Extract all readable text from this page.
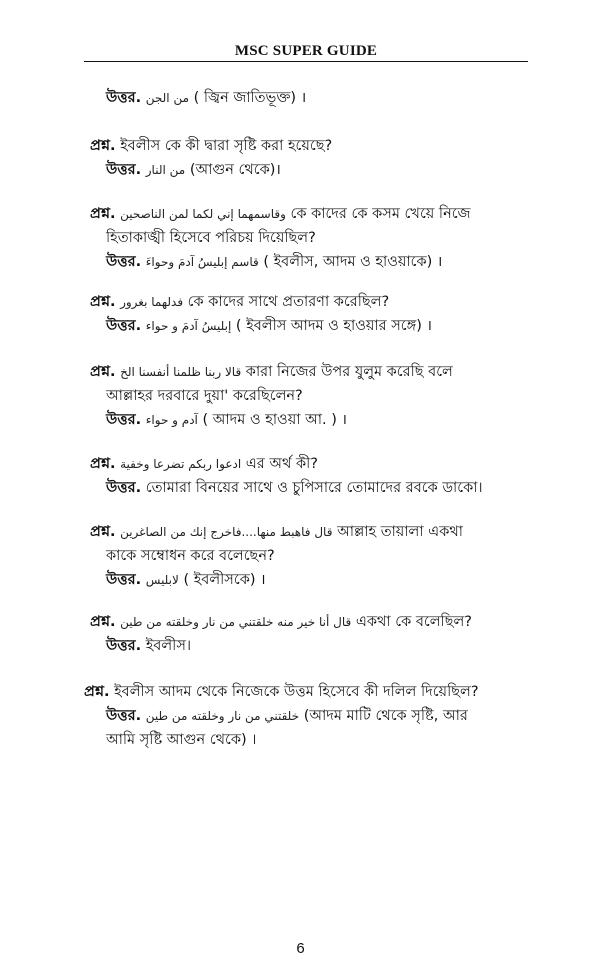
MSC SUPER GUIDE
উত্তর. من الجن ( জ্বিন জাতিভূক্ত) ।
প্রশ্ন. ইবলীস কে কী দ্বারা সৃষ্টি করা হয়েছে?
উত্তর. من النار (আগুন থেকে)।
প্রশ্ন. وقاسمهما إني لكما لمن الناصحين কে কাদের কে কসম খেয়ে নিজে
হিতাকাঙ্খী হিসেবে পরিচয় দিয়েছিল?
উত্তর. قاسم إبليسُ آدمَ وحواءَ ( ইবলীস, আদম ও হাওয়াকে) ।
প্রশ্ন. فدلهما بغرور কে কাদের সাথে প্রতারণা করেছিল?
উত্তর. إبليسُ آدمَ و حواء ( ইবলীস আদম ও হাওয়ার সঙ্গে) ।
প্রশ্ন. قالا ربنا ظلمنا أنفسنا الخ কারা নিজের উপর যুলুম করেছি বলে
আল্লাহর দরবারে দুয়া' করেছিলেন?
উত্তর. آدم و حواء ( আদম ও হাওয়া আ. ) ।
প্রশ্ন. ادعوا ربكم تضرعا وخفية এর অর্থ কী?
উত্তর. তোমারা বিনয়ের সাথে ও চুপিসারে তোমাদের রবকে ডাকো।
প্রশ্ন. قال فاهبط منها....فاخرج إنك من الصاغرين আল্লাহ তায়ালা একথা
কাকে সম্বোধন করে বলেছেন?
উত্তর. لابليس ( ইবলীসকে) ।
প্রশ্ন. قال أنا خير منه خلقتني من نار وخلقته من طين একথা কে বলেছিল?
উত্তর. ইবলীস।
প্রশ্ন. ইবলীস আদম থেকে নিজেকে উত্তম হিসেবে কী দলিল দিয়েছিল?
উত্তর. خلقتني من نار وخلقته من طين (আদম মাটি থেকে সৃষ্টি, আর
আমি সৃষ্টি আগুন থেকে) ।
6
